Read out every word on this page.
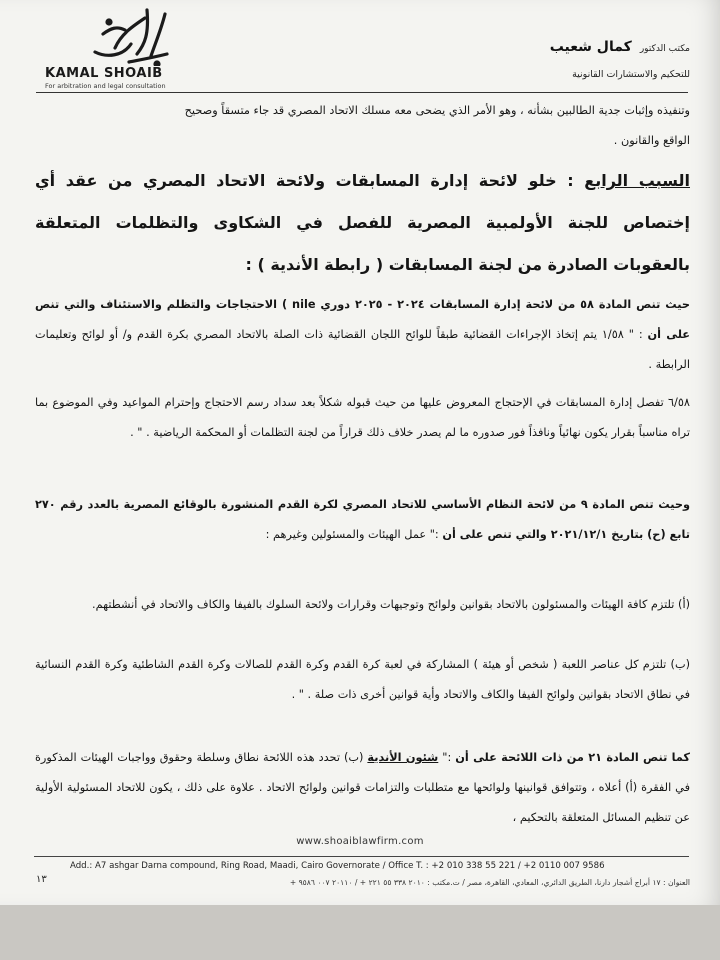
KAMAL SHOAIB
For arbitration and legal consultation
مكتب الدكتور كمال شعيب
للتحكيم والاستشارات القانونية
وتنفيذه وإثبات جدية الطالبين بشأنه ، وهو الأمر الذي يضحى معه مسلك الاتحاد المصري قد جاء متسقاً وصحيح
الواقع والقانون .
السبب الرابع : خلو لائحة إدارة المسابقات ولائحة الاتحاد المصري من عقد أي إختصاص للجنة الأولمبية المصرية للفصل في الشكاوى والتظلمات المتعلقة بالعقوبات الصادرة من لجنة المسابقات ( رابطة الأندية ) :
حيث تنص المادة ٥٨ من لائحة إدارة المسابقات ٢٠٢٤ - ٢٠٢٥ دوري nile ) الاحتجاجات والتظلم والاستئناف والتي تنص على أن : " ١/٥٨ يتم إتخاذ الإجراءات القضائية طبقاً للوائح اللجان القضائية ذات الصلة بالاتحاد المصري بكرة القدم و/ أو لوائح وتعليمات الرابطة .
٦/٥٨ تفصل إدارة المسابقات في الإحتجاج المعروض عليها من حيث قبوله شكلاً بعد سداد رسم الاحتجاج وإحترام المواعيد وفي الموضوع بما تراه مناسباً بقرار يكون نهائياً ونافذاً فور صدوره ما لم يصدر خلاف ذلك قراراً من لجنة التظلمات أو المحكمة الرياضية . " .
وحيث تنص المادة ٩ من لائحة النظام الأساسي للاتحاد المصري لكرة القدم المنشورة بالوقائع المصرية بالعدد رقم ٢٧٠ تابع (ح) بتاريخ ٢٠٢١/١٢/١ والتي تنص على أن :" عمل الهيئات والمسئولين وغيرهم :
(أ) تلتزم كافة الهيئات والمسئولون بالاتحاد بقوانين ولوائح وتوجيهات وقرارات ولائحة السلوك بالفيفا والكاف والاتحاد في أنشطتهم.
(ب) تلتزم كل عناصر اللعبة ( شخص أو هيئة ) المشاركة في لعبة كرة القدم وكرة القدم للصالات وكرة القدم الشاطئية وكرة القدم النسائية في نطاق الاتحاد بقوانين ولوائح الفيفا والكاف والاتحاد وأية قوانين أخرى ذات صلة . " .
كما تنص المادة ٢١ من ذات اللائحة على أن :" شئون الأندية (ب) تحدد هذه اللائحة نطاق وسلطة وحقوق وواجبات الهيئات المذكورة في الفقرة (أ) أعلاه ، وتتوافق قوانينها ولوائحها مع متطلبات والتزامات قوانين ولوائح الاتحاد . علاوة على ذلك ، يكون للاتحاد المسئولية الأولية عن تنظيم المسائل المتعلقة بالتحكيم ،
www.shoaiblawfirm.com
Add.: A7 ashgar Darna compound, Ring Road, Maadi, Cairo Governorate / Office T. : +2 010 338 55 221 / +2 0110 007 9586
العنوان : ١٧ أبراج أشجار دارنا، الطريق الدائري، المعادي، القاهرة، مصر / ت.مكتب : ٢٠١٠ ٣٣٨ ٥٥ ٢٢١ + / ٢٠١١٠ ٠٠٧ ٩٥٨٦ +
١٣
